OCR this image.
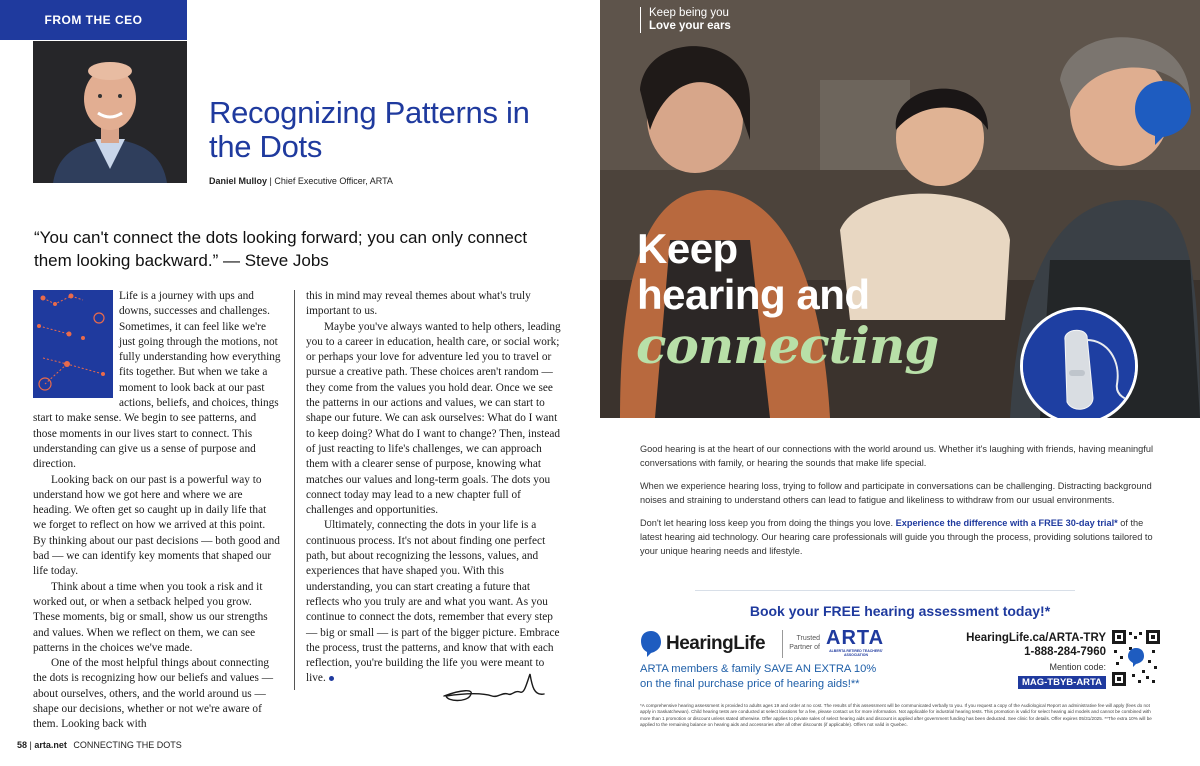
FROM THE CEO
Recognizing Patterns in the Dots
Daniel Mulloy | Chief Executive Officer, ARTA
“You can't connect the dots looking forward; you can only connect them looking backward.” — Steve Jobs

Life is a journey with ups and downs, successes and challenges. Sometimes, it can feel like we're just going through the motions, not fully understanding how everything fits together. But when we take a moment to look back at our past actions, beliefs, and choices, things start to make sense. We begin to see patterns, and those moments in our lives start to connect. This understanding can give us a sense of purpose and direction.

Looking back on our past is a powerful way to understand how we got here and where we are heading. We often get so caught up in daily life that we forget to reflect on how we arrived at this point. By thinking about our past decisions — both good and bad — we can identify key moments that shaped our life today.

Think about a time when you took a risk and it worked out, or when a setback helped you grow. These moments, big or small, show us our strengths and values. When we reflect on them, we can see patterns in the choices we've made.

One of the most helpful things about connecting the dots is recognizing how our beliefs and values — about ourselves, others, and the world around us — shape our decisions, whether or not we're aware of them. Looking back with

this in mind may reveal themes about what's truly important to us.

Maybe you've always wanted to help others, leading you to a career in education, health care, or social work; or perhaps your love for adventure led you to travel or pursue a creative path. These choices aren't random — they come from the values you hold dear. Once we see the patterns in our actions and values, we can start to shape our future. We can ask ourselves: What do I want to keep doing? What do I want to change? Then, instead of just reacting to life's challenges, we can approach them with a clearer sense of purpose, knowing what matches our values and long-term goals. The dots you connect today may lead to a new chapter full of challenges and opportunities.

Ultimately, connecting the dots in your life is a continuous process. It's not about finding one perfect path, but about recognizing the lessons, values, and experiences that have shaped you. With this understanding, you can start creating a future that reflects who you truly are and what you want. As you continue to connect the dots, remember that every step — big or small — is part of the bigger picture. Embrace the process, trust the patterns, and know that with each reflection, you're building the life you were meant to live.

58 | arta.net CONNECTING THE DOTS
Keep being you
Love your ears
Keep
hearing and
connecting

Good hearing is at the heart of our connections with the world around us. Whether it's laughing with friends, having meaningful conversations with family, or hearing the sounds that make life special.

When we experience hearing loss, trying to follow and participate in conversations can be challenging. Distracting background noises and straining to understand others can lead to fatigue and likeliness to withdraw from our usual environments.

Don't let hearing loss keep you from doing the things you love. Experience the difference with a FREE 30-day trial* of the latest hearing aid technology. Our hearing care professionals will guide you through the process, providing solutions tailored to your unique hearing needs and lifestyle.

Book your FREE hearing assessment today!*
HearingLife	Trusted Partner of ARTA
ALBERTA RETIRED TEACHERS' ASSOCIATION
ARTA members & family SAVE AN EXTRA 10%
on the final purchase price of hearing aids!**
HearingLife.ca/ARTA-TRY
1-888-284-7960
Mention code:
MAG-TBYB-ARTA
*A comprehensive hearing assessment is provided to adults ages 19 and order at no cost. The results of this assessment will be communicated verbally to you. If you request a copy of the Audiological Report an administrative fee will apply (fees do not apply in Saskatchewan). Child hearing tests are conducted at select locations for a fee, please contact us for more information. Not applicable for industrial hearing tests. This promotion is valid for select hearing aid models and cannot be combined with more than 1 promotion or discount unless stated otherwise. Offer applies to private sales of select hearing aids and discount is applied after government funding has been deducted. See clinic for details. Offer expires 05/31/2025. **The extra 10% will be applied to the remaining balance on hearing aids and accessories after all other discounts (if applicable). Offers not valid in Quebec.
